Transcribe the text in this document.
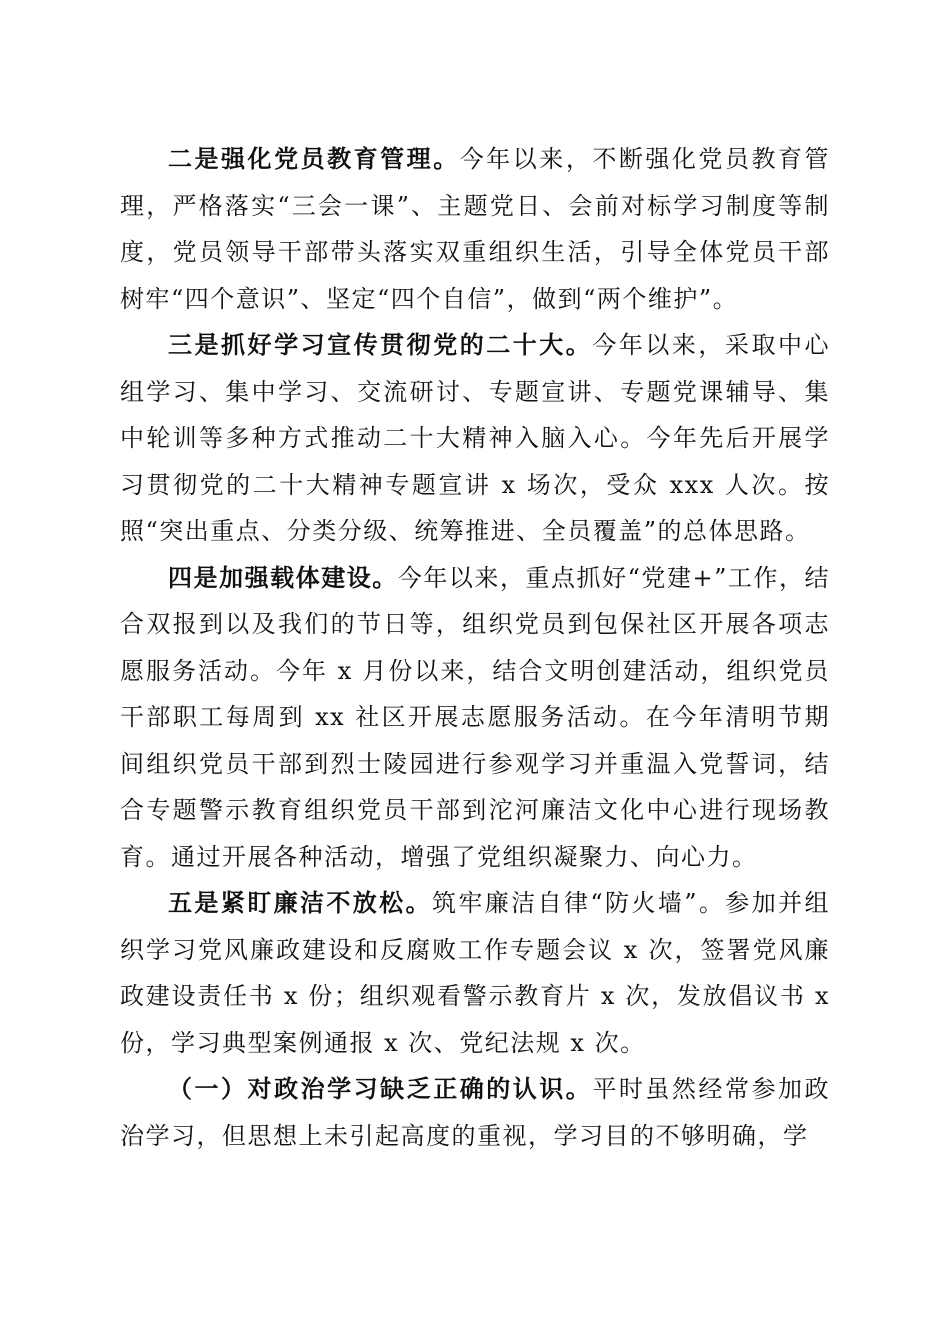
二是强化党员教育管理。今年以来，不断强化党员教育管理，严格落实“三会一课”、主题党日、会前对标学习制度等制度，党员领导干部带头落实双重组织生活，引导全体党员干部树牢“四个意识”、坚定“四个自信”，做到“两个维护”。

三是抓好学习宣传贯彻党的二十大。今年以来，采取中心组学习、集中学习、交流研讨、专题宣讲、专题党课辅导、集中轮训等多种方式推动二十大精神入脑入心。今年先后开展学习贯彻党的二十大精神专题宣讲 x 场次，受众 xxx 人次。按照“突出重点、分类分级、统筹推进、全员覆盖”的总体思路。

四是加强载体建设。今年以来，重点抓好“党建+”工作，结合双报到以及我们的节日等，组织党员到包保社区开展各项志愿服务活动。今年 x 月份以来，结合文明创建活动，组织党员干部职工每周到 xx 社区开展志愿服务活动。在今年清明节期间组织党员干部到烈士陵园进行参观学习并重温入党誓词，结合专题警示教育组织党员干部到沱河廉洁文化中心进行现场教育。通过开展各种活动，增强了党组织凝聚力、向心力。

五是紧盯廉洁不放松。筑牢廉洁自律“防火墙”。参加并组织学习党风廉政建设和反腐败工作专题会议 x 次，签署党风廉政建设责任书 x 份；组织观看警示教育片 x 次，发放倡议书 x 份，学习典型案例通报 x 次、党纪法规 x 次。

（一）对政治学习缺乏正确的认识。平时虽然经常参加政治学习，但思想上未引起高度的重视，学习目的不够明确，学
